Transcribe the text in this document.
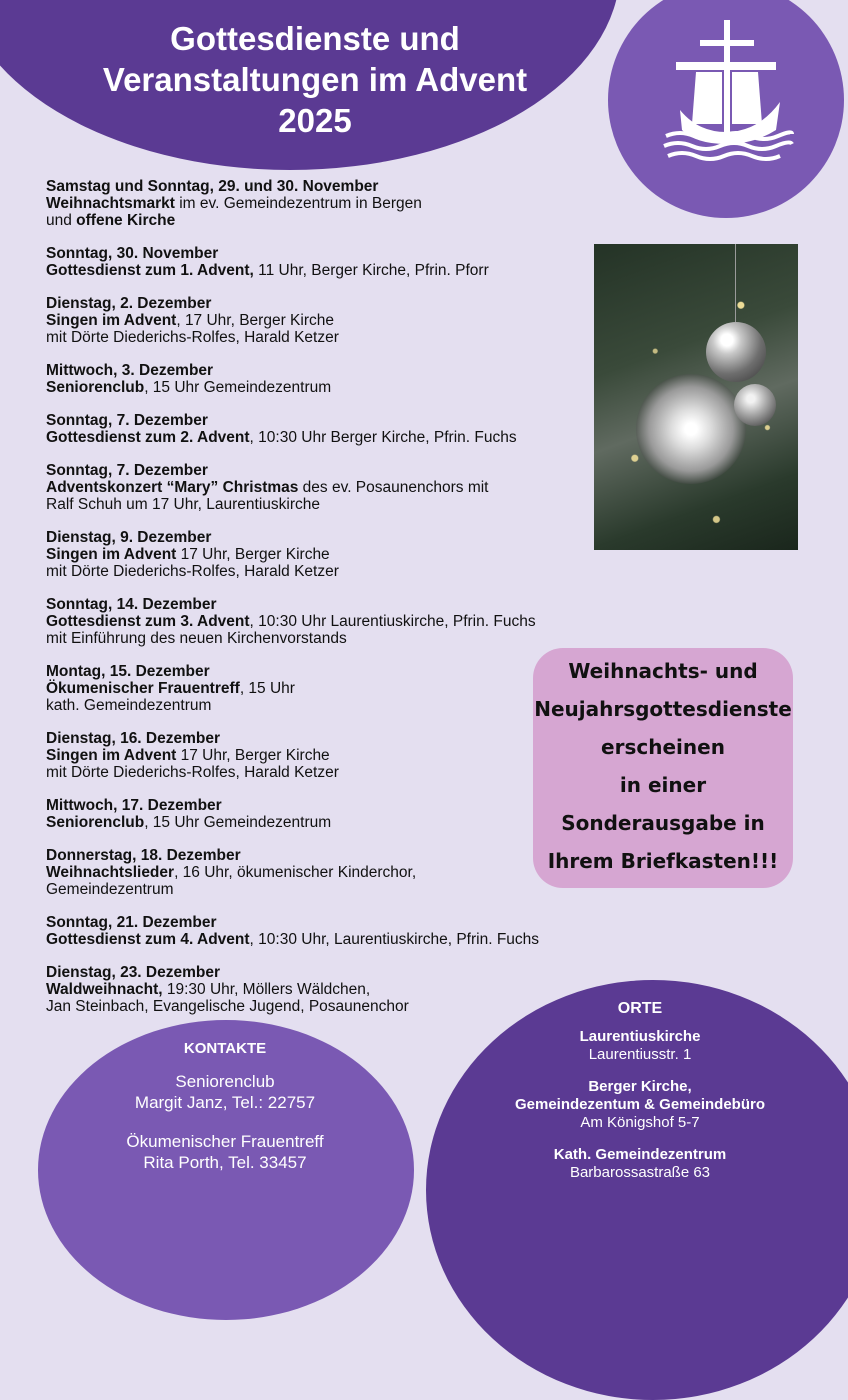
Gottesdienste und
Veranstaltungen im Advent
2025
Samstag und Sonntag, 29. und 30. November
Weihnachtsmarkt im ev. Gemeindezentrum in Bergen
und offene Kirche
Sonntag, 30. November
Gottesdienst zum 1. Advent, 11 Uhr, Berger Kirche, Pfrin. Pforr
Dienstag, 2. Dezember
Singen im Advent, 17 Uhr, Berger Kirche
mit Dörte Diederichs-Rolfes, Harald Ketzer
Mittwoch, 3. Dezember
Seniorenclub, 15 Uhr Gemeindezentrum
Sonntag, 7. Dezember
Gottesdienst zum 2. Advent, 10:30 Uhr Berger Kirche, Pfrin. Fuchs
Sonntag, 7. Dezember
Adventskonzert “Mary” Christmas des ev. Posaunenchors mit
Ralf Schuh um 17 Uhr, Laurentiuskirche
Dienstag, 9. Dezember
Singen im Advent 17 Uhr, Berger Kirche
mit Dörte Diederichs-Rolfes, Harald Ketzer
Sonntag, 14. Dezember
Gottesdienst zum 3. Advent, 10:30 Uhr Laurentiuskirche, Pfrin. Fuchs
mit Einführung des neuen Kirchenvorstands
Montag, 15. Dezember
Ökumenischer Frauentreff, 15 Uhr
kath. Gemeindezentrum
Dienstag, 16. Dezember
Singen im Advent 17 Uhr, Berger Kirche
mit Dörte Diederichs-Rolfes, Harald Ketzer
Mittwoch, 17. Dezember
Seniorenclub, 15 Uhr Gemeindezentrum
Donnerstag, 18. Dezember
Weihnachtslieder, 16 Uhr, ökumenischer Kinderchor,
Gemeindezentrum
Sonntag, 21. Dezember
Gottesdienst zum 4. Advent, 10:30 Uhr, Laurentiuskirche, Pfrin. Fuchs
Dienstag, 23. Dezember
Waldweihnacht, 19:30 Uhr, Möllers Wäldchen,
Jan Steinbach, Evangelische Jugend, Posaunenchor
Weihnachts- und
Neujahrsgottesdienste
erscheinen
in einer
Sonderausgabe in
Ihrem Briefkasten!!!
KONTAKTE
Seniorenclub
Margit Janz, Tel.: 22757
Ökumenischer Frauentreff
Rita Porth, Tel. 33457
ORTE
Laurentiuskirche
Laurentiusstr. 1
Berger Kirche,
Gemeindezentum & Gemeindebüro
Am Königshof 5-7
Kath. Gemeindezentrum
Barbarossastraße 63
